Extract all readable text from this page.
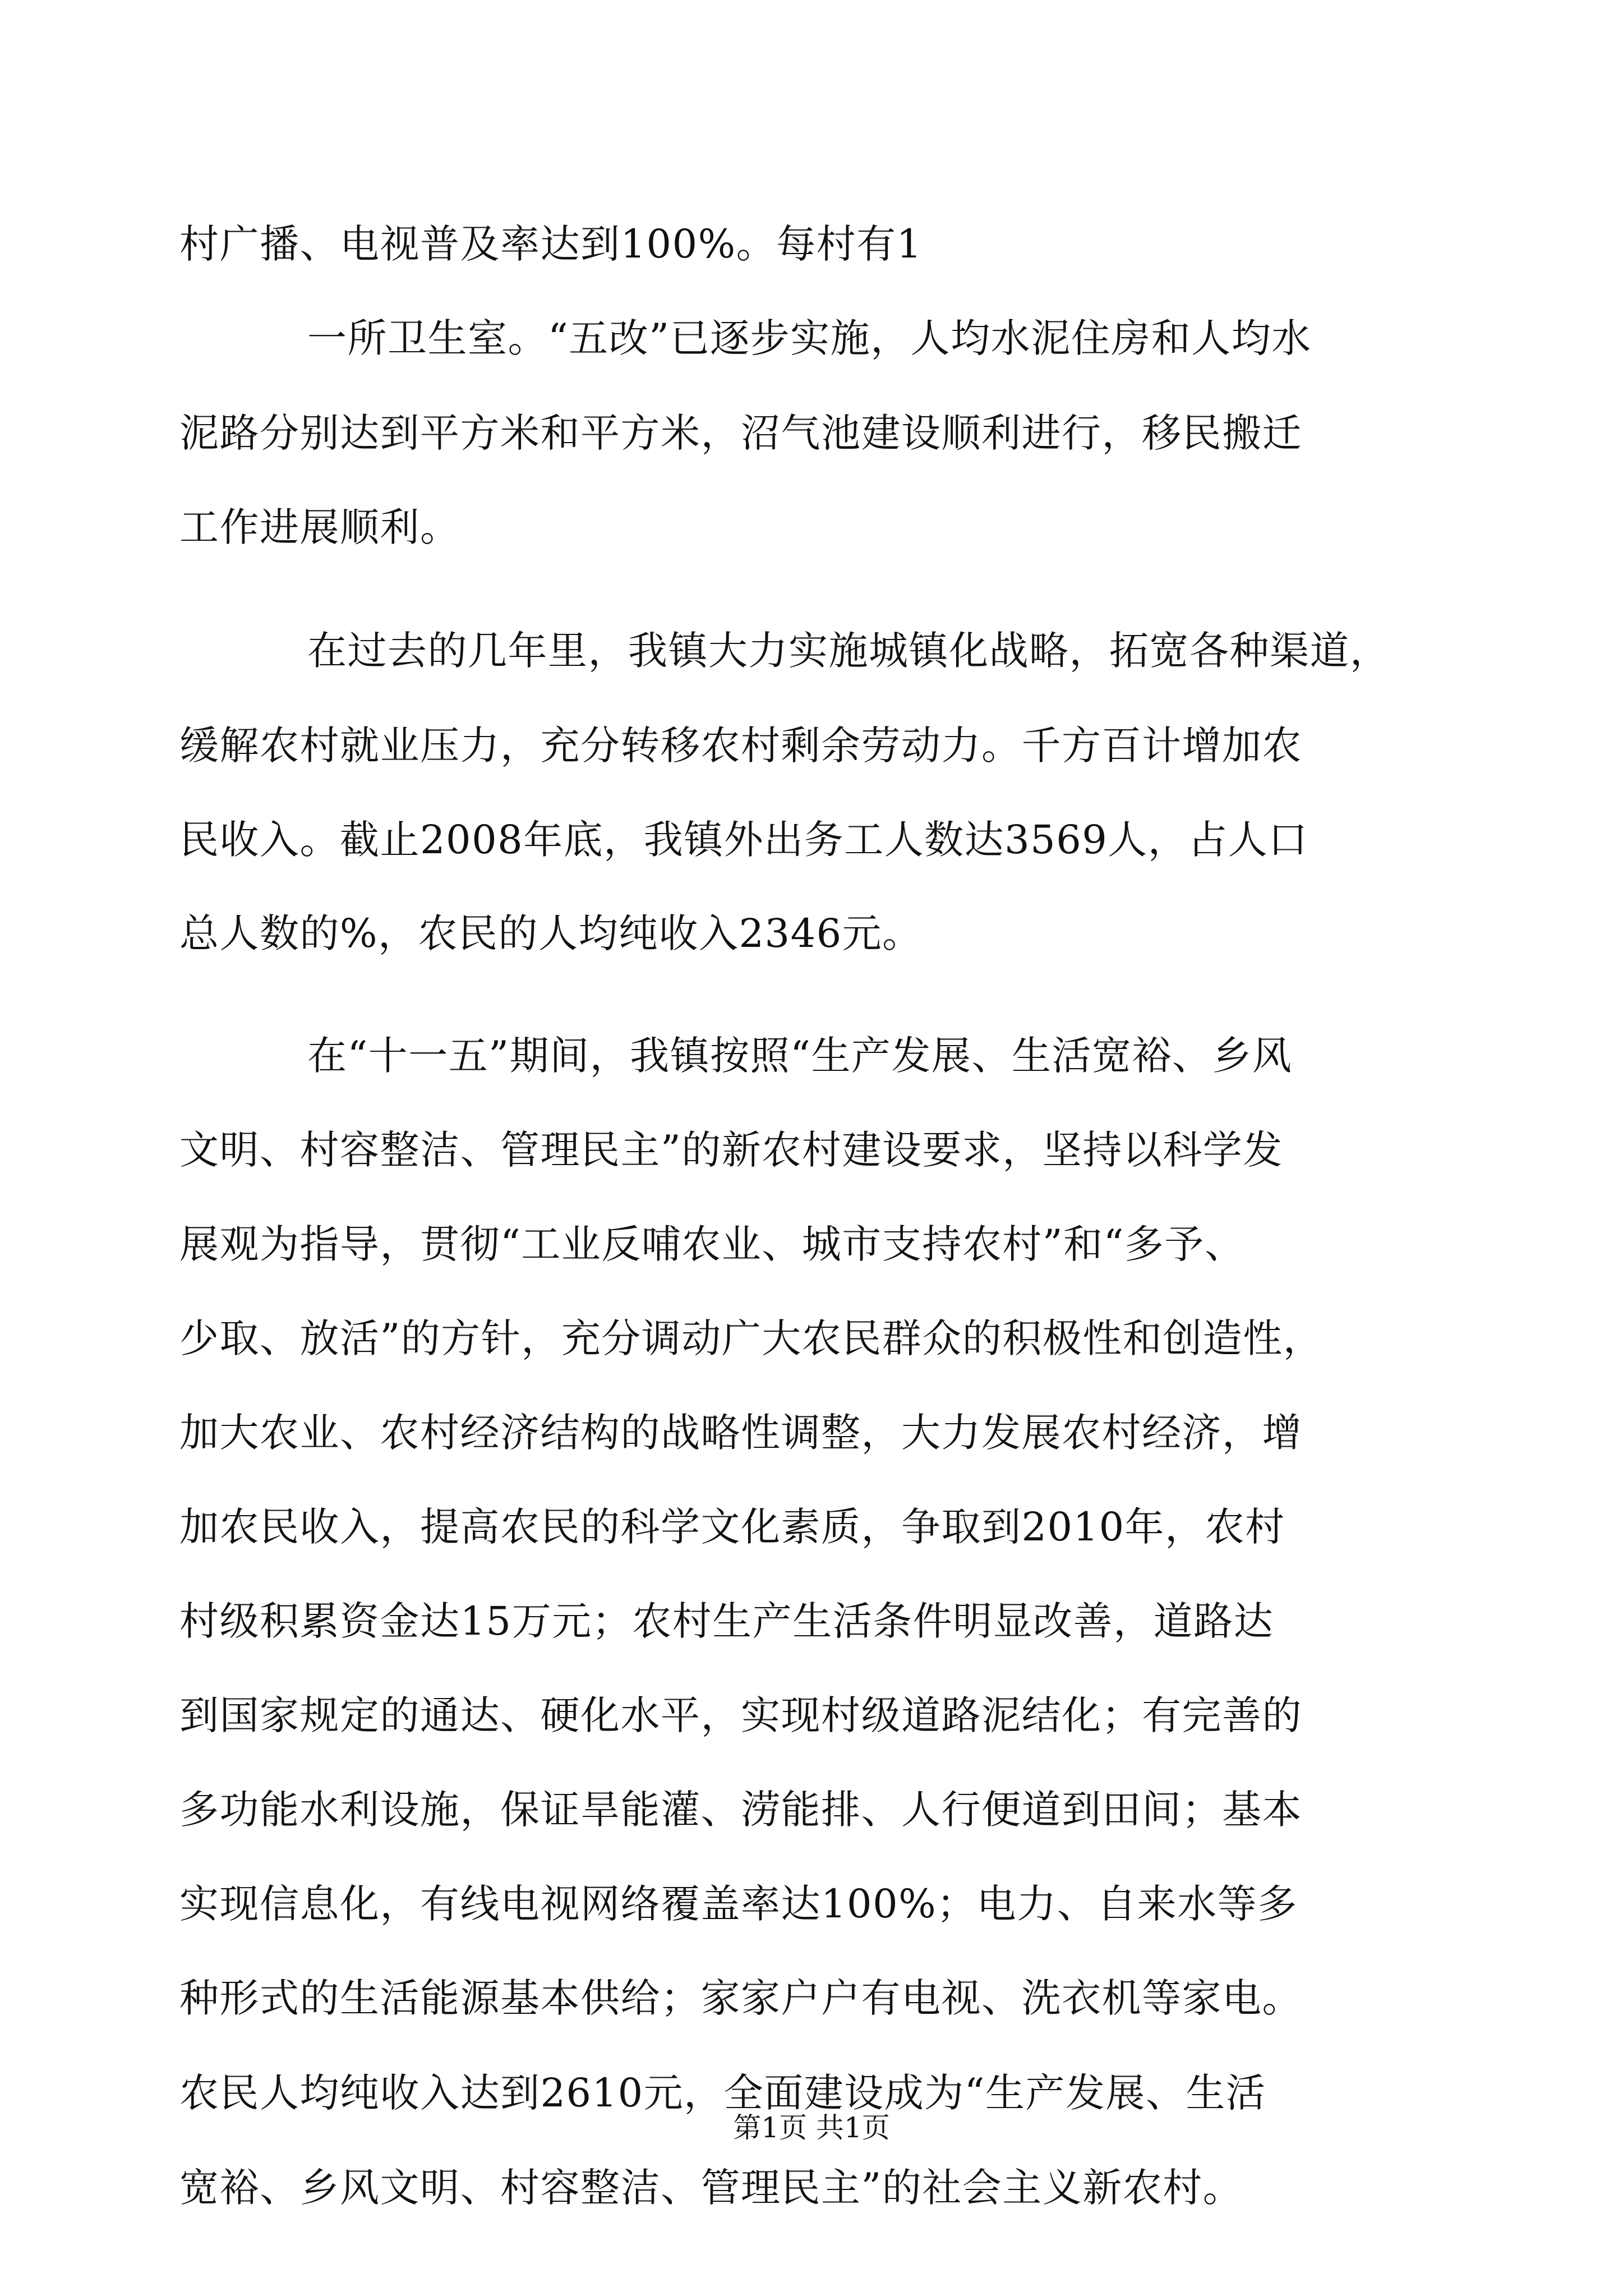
村广播、电视普及率达到100%。每村有1
一所卫生室。“五改”已逐步实施，人均水泥住房和人均水
泥路分别达到平方米和平方米，沼气池建设顺利进行，移民搬迁
工作进展顺利。
在过去的几年里，我镇大力实施城镇化战略，拓宽各种渠道，
缓解农村就业压力，充分转移农村剩余劳动力。千方百计增加农
民收入。截止2008年底，我镇外出务工人数达3569人，占人口
总人数的%，农民的人均纯收入2346元。
在“十一五”期间，我镇按照“生产发展、生活宽裕、乡风
文明、村容整洁、管理民主”的新农村建设要求，坚持以科学发
展观为指导，贯彻“工业反哺农业、城市支持农村”和“多予、
少取、放活”的方针，充分调动广大农民群众的积极性和创造性，
加大农业、农村经济结构的战略性调整，大力发展农村经济，增
加农民收入，提高农民的科学文化素质，争取到2010年，农村
村级积累资金达15万元；农村生产生活条件明显改善，道路达
到国家规定的通达、硬化水平，实现村级道路泥结化；有完善的
多功能水利设施，保证旱能灌、涝能排、人行便道到田间；基本
实现信息化，有线电视网络覆盖率达100%；电力、自来水等多
种形式的生活能源基本供给；家家户户有电视、洗衣机等家电。
农民人均纯收入达到2610元，全面建设成为“生产发展、生活
宽裕、乡风文明、村容整洁、管理民主”的社会主义新农村。
第1页 共1页
